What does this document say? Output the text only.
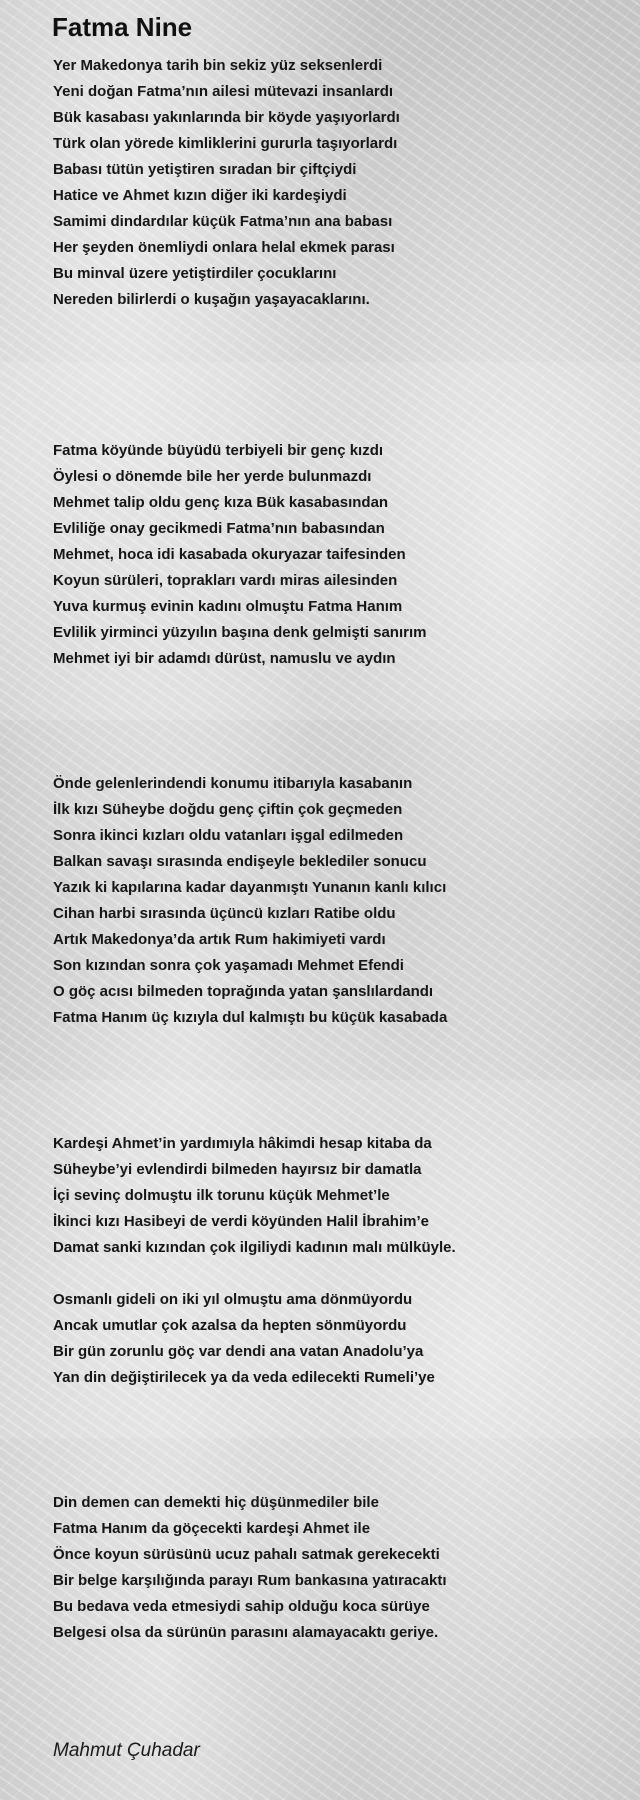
Fatma Nine
Yer Makedonya tarih bin sekiz yüz seksenlerdi
Yeni doğan Fatma’nın ailesi mütevazi insanlardı
Bük kasabası yakınlarında bir köyde yaşıyorlardı
Türk olan yörede kimliklerini gururla taşıyorlardı
Babası tütün yetiştiren sıradan bir çiftçiydi
Hatice ve Ahmet kızın diğer iki kardeşiydi
Samimi dindardılar küçük Fatma’nın ana babası
Her şeyden önemliydi onlara helal ekmek parası
Bu minval üzere yetiştirdiler çocuklarını
Nereden bilirlerdi o kuşağın yaşayacaklarını.
Fatma köyünde büyüdü terbiyeli bir genç kızdı
Öylesi o dönemde bile her yerde bulunmazdı
Mehmet talip oldu genç kıza Bük kasabasından
Evliliğe onay gecikmedi Fatma’nın babasından
Mehmet, hoca idi kasabada okuryazar taifesinden
Koyun sürüleri, toprakları vardı miras ailesinden
Yuva kurmuş evinin kadını olmuştu Fatma Hanım
Evlilik yirminci yüzyılın başına denk gelmişti sanırım
Mehmet iyi bir adamdı dürüst, namuslu ve aydın
Önde gelenlerindendi konumu itibarıyla kasabanın
İlk kızı Süheybe doğdu genç çiftin çok geçmeden
Sonra ikinci kızları oldu vatanları işgal edilmeden
Balkan savaşı sırasında endişeyle beklediler sonucu
Yazık ki kapılarına kadar dayanmıştı Yunanın kanlı kılıcı
Cihan harbi sırasında üçüncü kızları Ratibe oldu
Artık Makedonya’da artık Rum hakimiyeti vardı
Son kızından sonra çok yaşamadı Mehmet Efendi
O göç acısı bilmeden toprağında yatan şanslılardandı
Fatma Hanım üç kızıyla dul kalmıştı bu küçük kasabada
Kardeşi Ahmet’in yardımıyla hâkimdi hesap kitaba da
Süheybe’yi evlendirdi bilmeden hayırsız bir damatla
İçi sevinç dolmuştu ilk torunu küçük Mehmet’le
İkinci kızı Hasibeyi de verdi köyünden Halil İbrahim’e
Damat sanki kızından çok ilgiliydi kadının malı mülküyle.
Osmanlı gideli on iki yıl olmuştu ama dönmüyordu
Ancak umutlar çok azalsa da hepten sönmüyordu
Bir gün zorunlu göç var dendi ana vatan Anadolu’ya
Yan din değiştirilecek ya da veda edilecekti Rumeli’ye
Din demen can demekti hiç düşünmediler bile
Fatma Hanım da göçecekti kardeşi Ahmet ile
Önce koyun sürüsünü ucuz pahalı satmak gerekecekti
Bir belge karşılığında parayı Rum bankasına yatıracaktı
Bu bedava veda etmesiydi sahip olduğu koca sürüye
Belgesi olsa da sürünün parasını alamayacaktı geriye.
Mahmut Çuhadar
